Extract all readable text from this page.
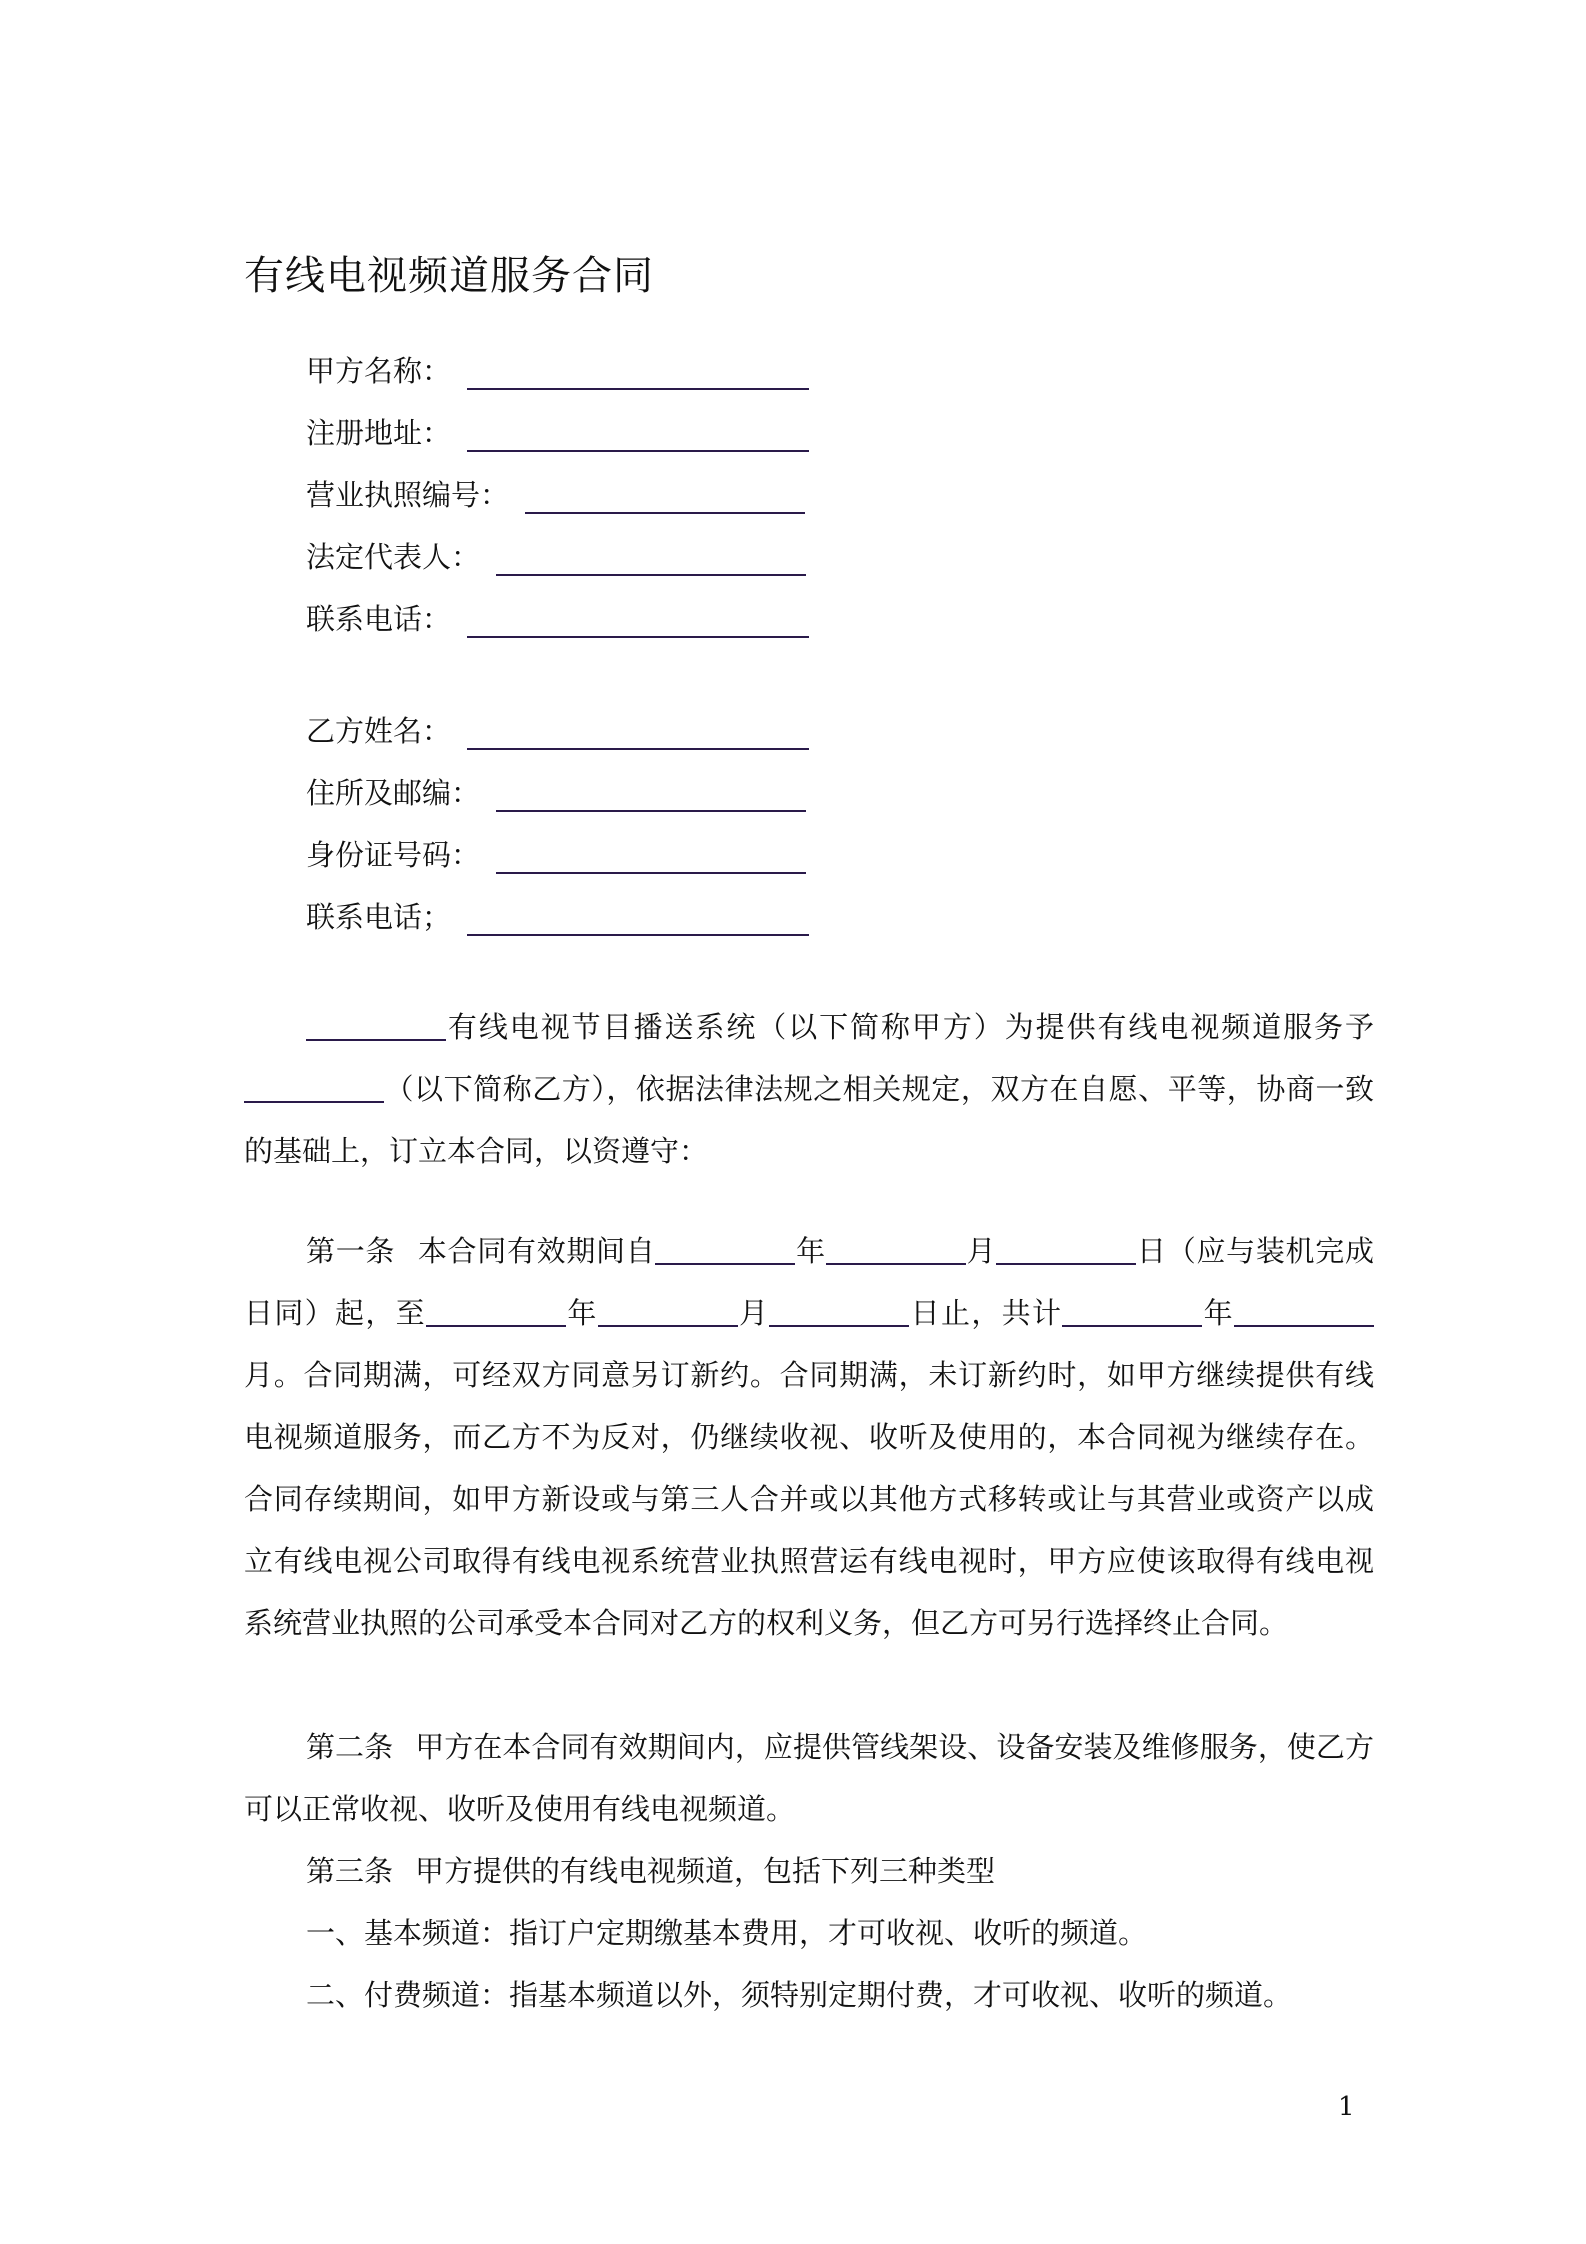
有线电视频道服务合同
甲方名称：
注册地址：
营业执照编号：
法定代表人：
联系电话：
乙方姓名：
住所及邮编：
身份证号码：
联系电话；

有线电视节目播送系统（以下简称甲方）为提供有线电视频道服务予（以下简称乙方），依据法律法规之相关规定，双方在自愿、平等，协商一致的基础上，订立本合同，以资遵守：

第一条 本合同有效期间自	年	月	日（应与装机完成日同）起，至	年	月	日止，共计	年月。合同期满，可经双方同意另订新约。合同期满，未订新约时，如甲方继续提供有线电视频道服务，而乙方不为反对，仍继续收视、收听及使用的，本合同视为继续存在。合同存续期间，如甲方新设或与第三人合并或以其他方式移转或让与其营业或资产以成立有线电视公司取得有线电视系统营业执照营运有线电视时，甲方应使该取得有线电视系统营业执照的公司承受本合同对乙方的权利义务，但乙方可另行选择终止合同。

第二条 甲方在本合同有效期间内，应提供管线架设、设备安装及维修服务，使乙方可以正常收视、收听及使用有线电视频道。

第三条 甲方提供的有线电视频道，包括下列三种类型

一、基本频道：指订户定期缴基本费用，才可收视、收听的频道。

二、付费频道：指基本频道以外，须特别定期付费，才可收视、收听的频道。

1
